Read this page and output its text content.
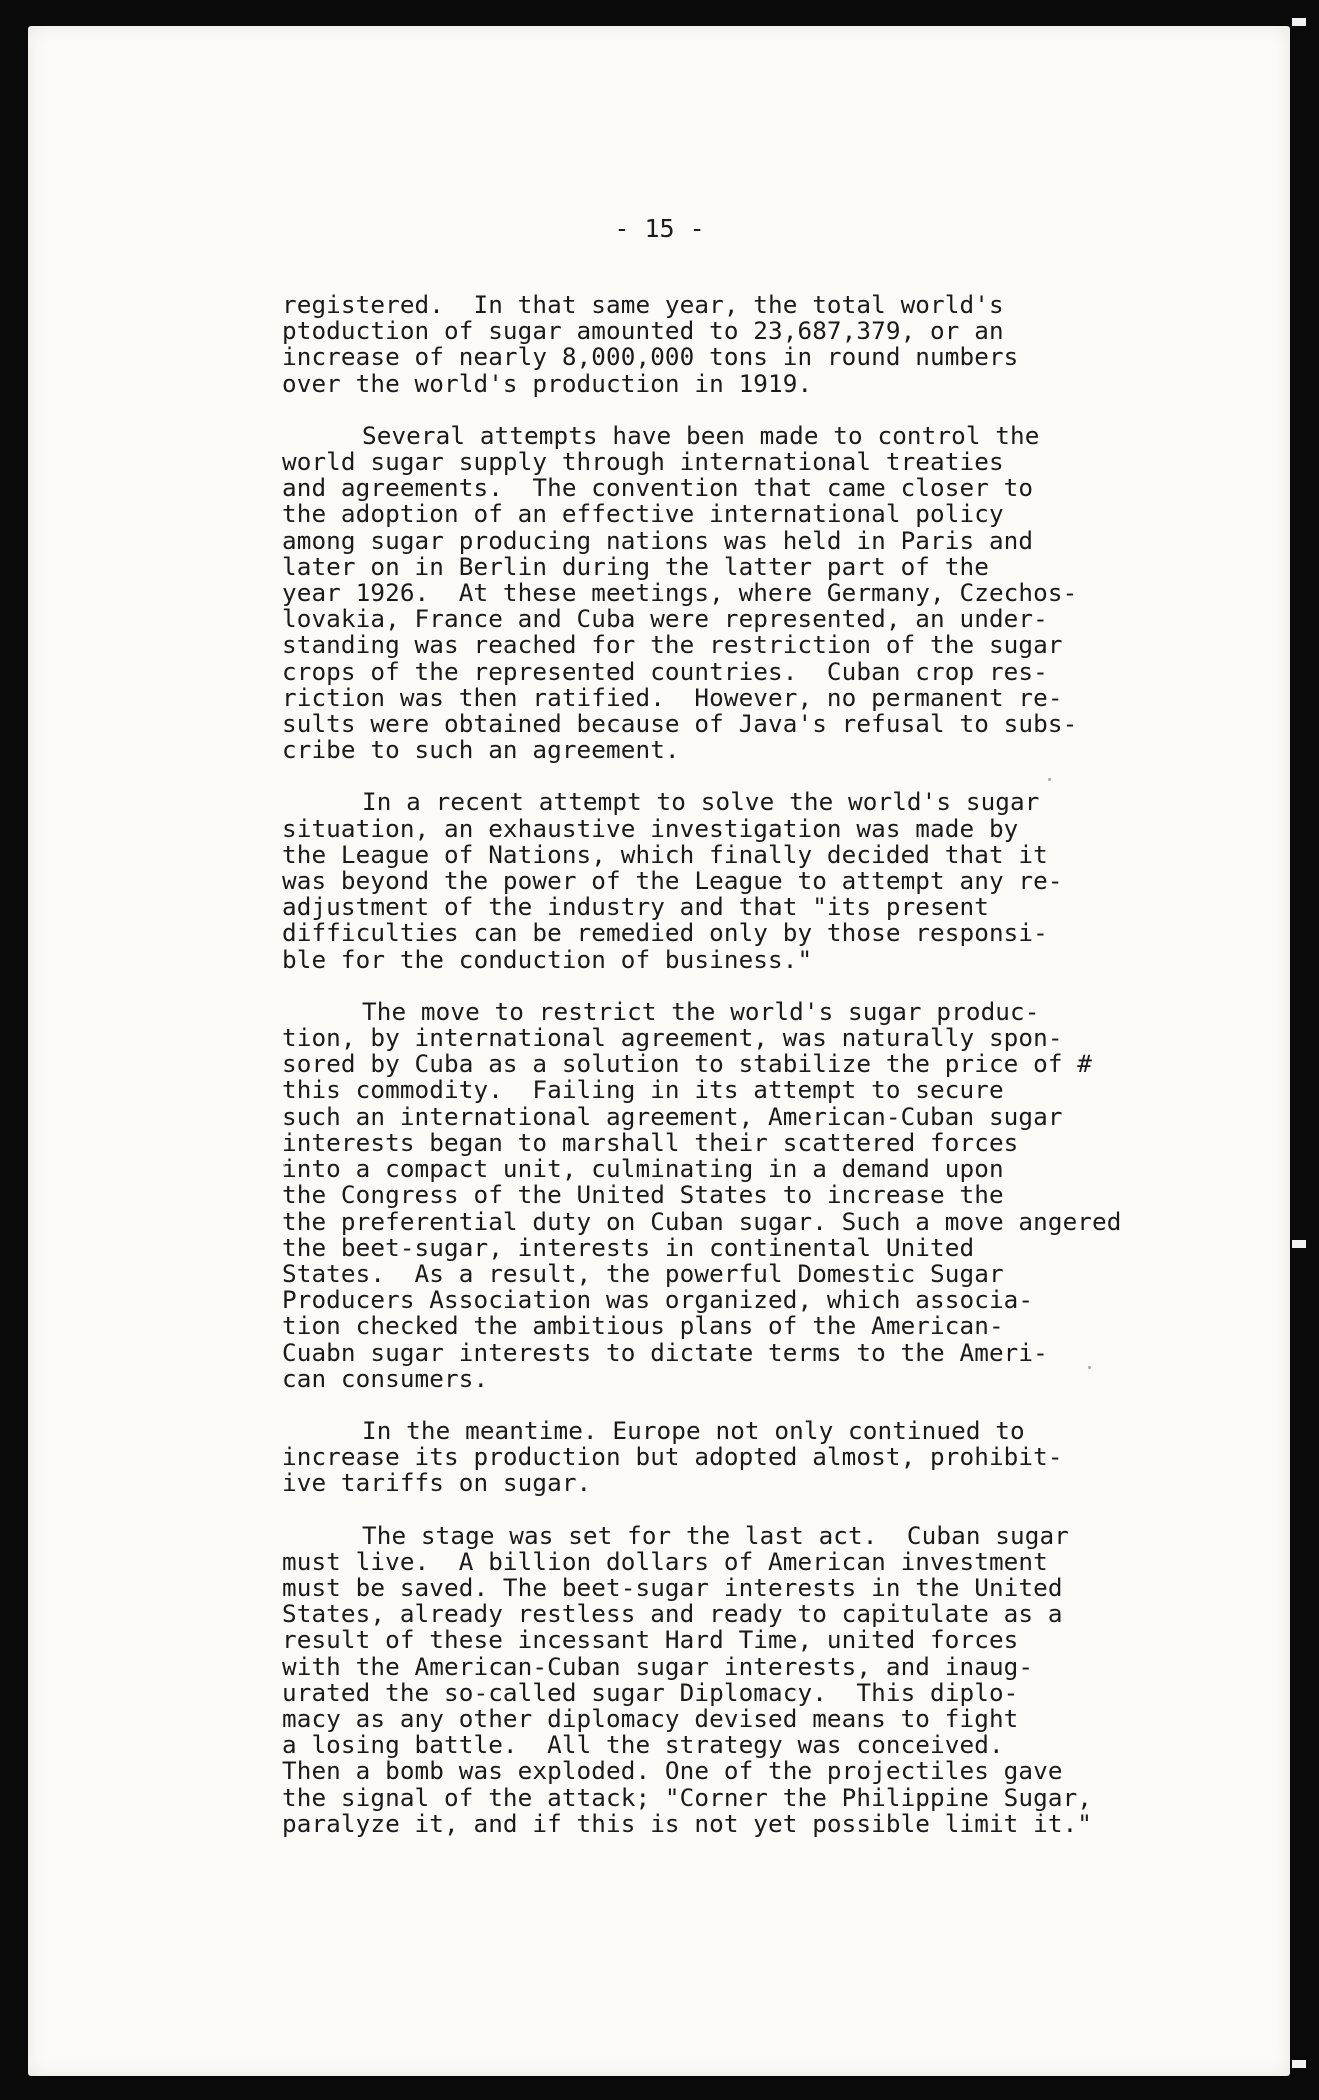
- 15 -
registered.  In that same year, the total world's
ptoduction of sugar amounted to 23,687,379, or an
increase of nearly 8,000,000 tons in round numbers
over the world's production in 1919.
Several attempts have been made to control the
world sugar supply through international treaties
and agreements.  The convention that came closer to
the adoption of an effective international policy
among sugar producing nations was held in Paris and
later on in Berlin during the latter part of the
year 1926.  At these meetings, where Germany, Czechos-
lovakia, France and Cuba were represented, an under-
standing was reached for the restriction of the sugar
crops of the represented countries.  Cuban crop res-
riction was then ratified.  However, no permanent re-
sults were obtained because of Java's refusal to subs-
cribe to such an agreement.
In a recent attempt to solve the world's sugar
situation, an exhaustive investigation was made by
the League of Nations, which finally decided that it
was beyond the power of the League to attempt any re-
adjustment of the industry and that "its present
difficulties can be remedied only by those responsi-
ble for the conduction of business."
The move to restrict the world's sugar produc-
tion, by international agreement, was naturally spon-
sored by Cuba as a solution to stabilize the price of #
this commodity.  Failing in its attempt to secure
such an international agreement, American-Cuban sugar
interests began to marshall their scattered forces
into a compact unit, culminating in a demand upon
the Congress of the United States to increase the
the preferential duty on Cuban sugar. Such a move angered
the beet-sugar, interests in continental United
States.  As a result, the powerful Domestic Sugar
Producers Association was organized, which associa-
tion checked the ambitious plans of the American-
Cuabn sugar interests to dictate terms to the Ameri-
can consumers.
In the meantime. Europe not only continued to
increase its production but adopted almost, prohibit-
ive tariffs on sugar.
The stage was set for the last act.  Cuban sugar
must live.  A billion dollars of American investment
must be saved. The beet-sugar interests in the United
States, already restless and ready to capitulate as a
result of these incessant Hard Time, united forces
with the American-Cuban sugar interests, and inaug-
urated the so-called sugar Diplomacy.  This diplo-
macy as any other diplomacy devised means to fight
a losing battle.  All the strategy was conceived.
Then a bomb was exploded. One of the projectiles gave
the signal of the attack; "Corner the Philippine Sugar,
paralyze it, and if this is not yet possible limit it."
